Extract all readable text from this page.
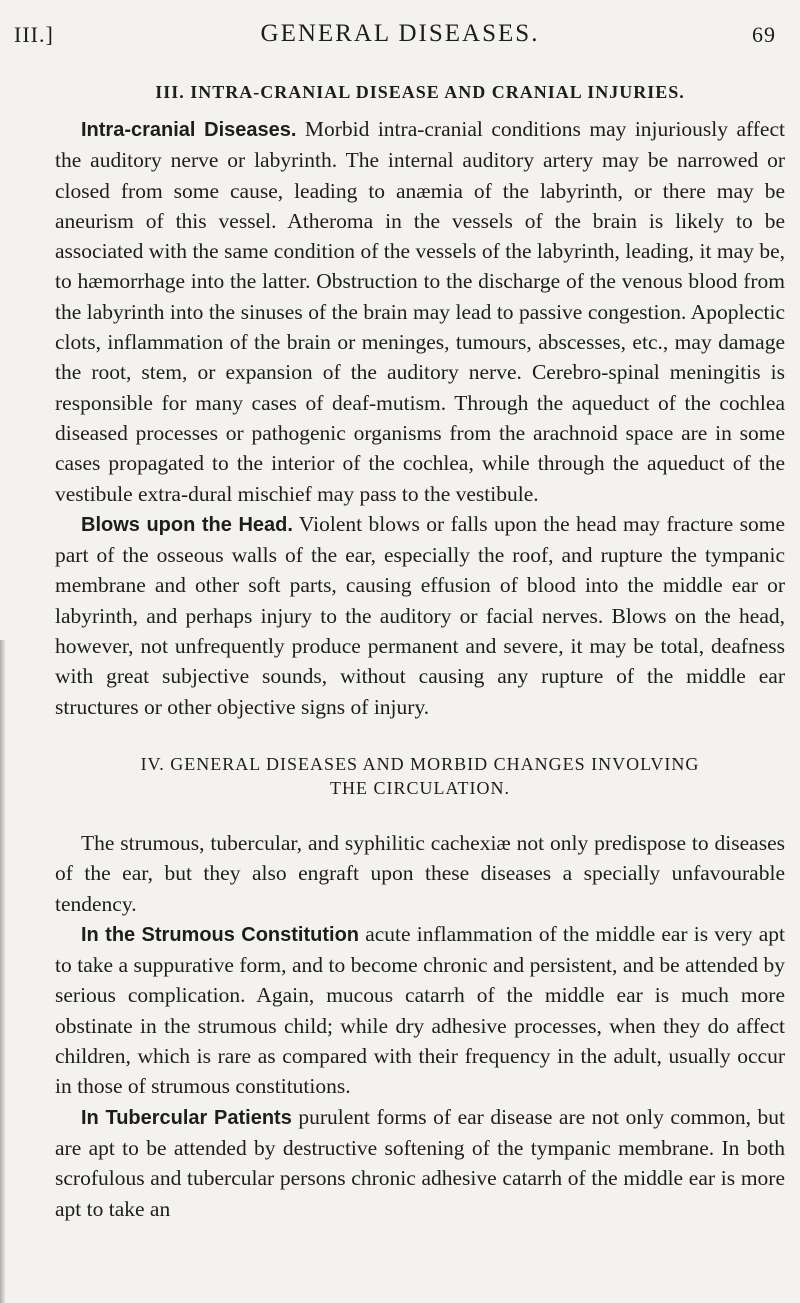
III.]	GENERAL DISEASES.	69
III. INTRA-CRANIAL DISEASE AND CRANIAL INJURIES.

Intra-cranial Diseases. Morbid intra-cranial conditions may injuriously affect the auditory nerve or labyrinth. The internal auditory artery may be narrowed or closed from some cause, leading to anæmia of the labyrinth, or there may be aneurism of this vessel. Atheroma in the vessels of the brain is likely to be associated with the same condition of the vessels of the labyrinth, leading, it may be, to hæmorrhage into the latter. Obstruction to the discharge of the venous blood from the labyrinth into the sinuses of the brain may lead to passive congestion. Apoplectic clots, inflammation of the brain or meninges, tumours, abscesses, etc., may damage the root, stem, or expansion of the auditory nerve. Cerebro-spinal meningitis is responsible for many cases of deaf-mutism. Through the aqueduct of the cochlea diseased processes or pathogenic organisms from the arachnoid space are in some cases propagated to the interior of the cochlea, while through the aqueduct of the vestibule extra-dural mischief may pass to the vestibule.

Blows upon the Head. Violent blows or falls upon the head may fracture some part of the osseous walls of the ear, especially the roof, and rupture the tympanic membrane and other soft parts, causing effusion of blood into the middle ear or labyrinth, and perhaps injury to the auditory or facial nerves. Blows on the head, however, not unfrequently produce permanent and severe, it may be total, deafness with great subjective sounds, without causing any rupture of the middle ear structures or other objective signs of injury.

IV. GENERAL DISEASES AND MORBID CHANGES INVOLVING
THE CIRCULATION.

The strumous, tubercular, and syphilitic cachexiæ not only predispose to diseases of the ear, but they also engraft upon these diseases a specially unfavourable tendency.

In the Strumous Constitution acute inflammation of the middle ear is very apt to take a suppurative form, and to become chronic and persistent, and be attended by serious complication. Again, mucous catarrh of the middle ear is much more obstinate in the strumous child; while dry adhesive processes, when they do affect children, which is rare as compared with their frequency in the adult, usually occur in those of strumous constitutions.

In Tubercular Patients purulent forms of ear disease are not only common, but are apt to be attended by destructive softening of the tympanic membrane. In both scrofulous and tubercular persons chronic adhesive catarrh of the middle ear is more apt to take an
